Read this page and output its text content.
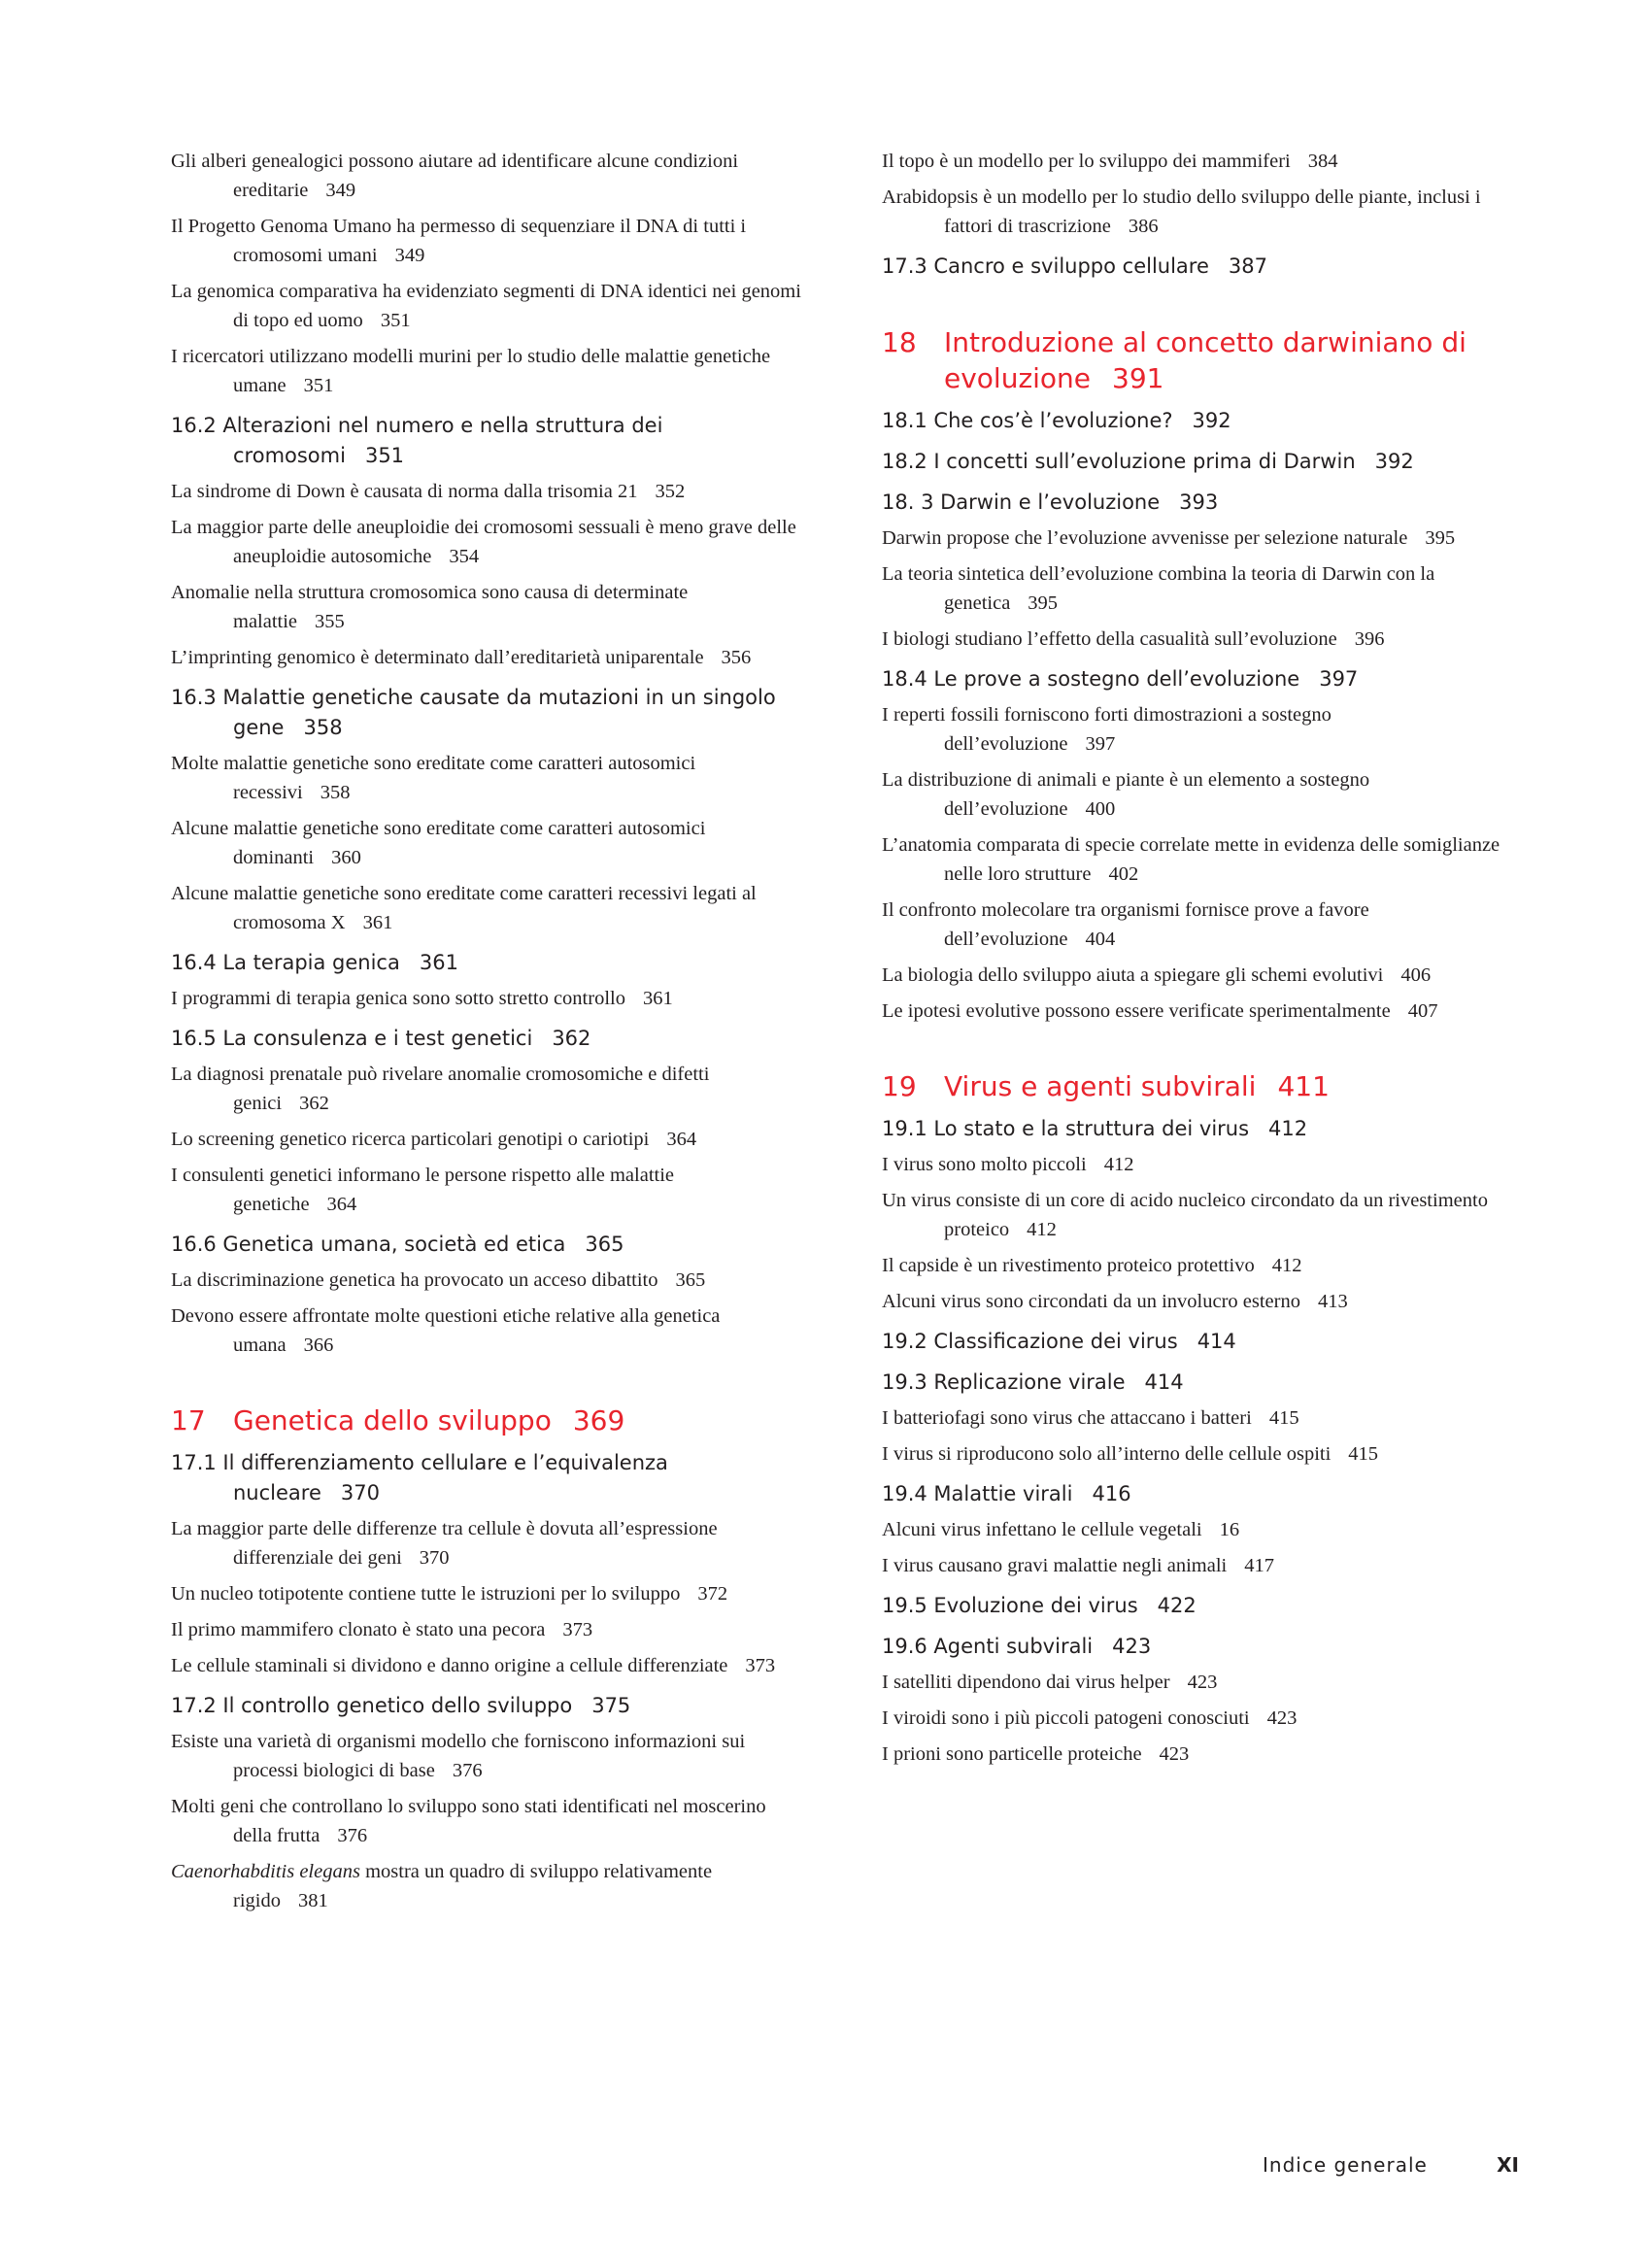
Gli alberi genealogici possono aiutare ad identificare alcune condizioni ereditarie 349
Il Progetto Genoma Umano ha permesso di sequenziare il DNA di tutti i cromosomi umani 349
La genomica comparativa ha evidenziato segmenti di DNA identici nei genomi di topo ed uomo 351
I ricercatori utilizzano modelli murini per lo studio delle malattie genetiche umane 351
16.2 Alterazioni nel numero e nella struttura dei cromosomi 351
La sindrome di Down è causata di norma dalla trisomia 21 352
La maggior parte delle aneuploidie dei cromosomi sessuali è meno grave delle aneuploidie autosomiche 354
Anomalie nella struttura cromosomica sono causa di determinate malattie 355
L’imprinting genomico è determinato dall’ereditarietà uniparentale 356
16.3 Malattie genetiche causate da mutazioni in un singolo gene 358
Molte malattie genetiche sono ereditate come caratteri autosomici recessivi 358
Alcune malattie genetiche sono ereditate come caratteri autosomici dominanti 360
Alcune malattie genetiche sono ereditate come caratteri recessivi legati al cromosoma X 361
16.4 La terapia genica 361
I programmi di terapia genica sono sotto stretto controllo 361
16.5 La consulenza e i test genetici 362
La diagnosi prenatale può rivelare anomalie cromosomiche e difetti genici 362
Lo screening genetico ricerca particolari genotipi o cariotipi 364
I consulenti genetici informano le persone rispetto alle malattie genetiche 364
16.6 Genetica umana, società ed etica 365
La discriminazione genetica ha provocato un acceso dibattito 365
Devono essere affrontate molte questioni etiche relative alla genetica umana 366
17 Genetica dello sviluppo 369
17.1 Il differenziamento cellulare e l’equivalenza nucleare 370
La maggior parte delle differenze tra cellule è dovuta all’espressione differenziale dei geni 370
Un nucleo totipotente contiene tutte le istruzioni per lo sviluppo 372
Il primo mammifero clonato è stato una pecora 373
Le cellule staminali si dividono e danno origine a cellule differenziate 373
17.2 Il controllo genetico dello sviluppo 375
Esiste una varietà di organismi modello che forniscono informazioni sui processi biologici di base 376
Molti geni che controllano lo sviluppo sono stati identificati nel moscerino della frutta 376
Caenorhabditis elegans mostra un quadro di sviluppo relativamente rigido 381
Il topo è un modello per lo sviluppo dei mammiferi 384
Arabidopsis è un modello per lo studio dello sviluppo delle piante, inclusi i fattori di trascrizione 386
17.3 Cancro e sviluppo cellulare 387
18 Introduzione al concetto darwiniano di evoluzione 391
18.1 Che cos’è l’evoluzione? 392
18.2 I concetti sull’evoluzione prima di Darwin 392
18. 3 Darwin e l’evoluzione 393
Darwin propose che l’evoluzione avvenisse per selezione naturale 395
La teoria sintetica dell’evoluzione combina la teoria di Darwin con la genetica 395
I biologi studiano l’effetto della casualità sull’evoluzione 396
18.4 Le prove a sostegno dell’evoluzione 397
I reperti fossili forniscono forti dimostrazioni a sostegno dell’evoluzione 397
La distribuzione di animali e piante è un elemento a sostegno dell’evoluzione 400
L’anatomia comparata di specie correlate mette in evidenza delle somiglianze nelle loro strutture 402
Il confronto molecolare tra organismi fornisce prove a favore dell’evoluzione 404
La biologia dello sviluppo aiuta a spiegare gli schemi evolutivi 406
Le ipotesi evolutive possono essere verificate sperimentalmente 407
19 Virus e agenti subvirali 411
19.1 Lo stato e la struttura dei virus 412
I virus sono molto piccoli 412
Un virus consiste di un core di acido nucleico circondato da un rivestimento proteico 412
Il capside è un rivestimento proteico protettivo 412
Alcuni virus sono circondati da un involucro esterno 413
19.2 Classificazione dei virus 414
19.3 Replicazione virale 414
I batteriofagi sono virus che attaccano i batteri 415
I virus si riproducono solo all’interno delle cellule ospiti 415
19.4 Malattie virali 416
Alcuni virus infettano le cellule vegetali 16
I virus causano gravi malattie negli animali 417
19.5 Evoluzione dei virus 422
19.6 Agenti subvirali 423
I satelliti dipendono dai virus helper 423
I viroidi sono i più piccoli patogeni conosciuti 423
I prioni sono particelle proteiche 423
Indice generale	XI
